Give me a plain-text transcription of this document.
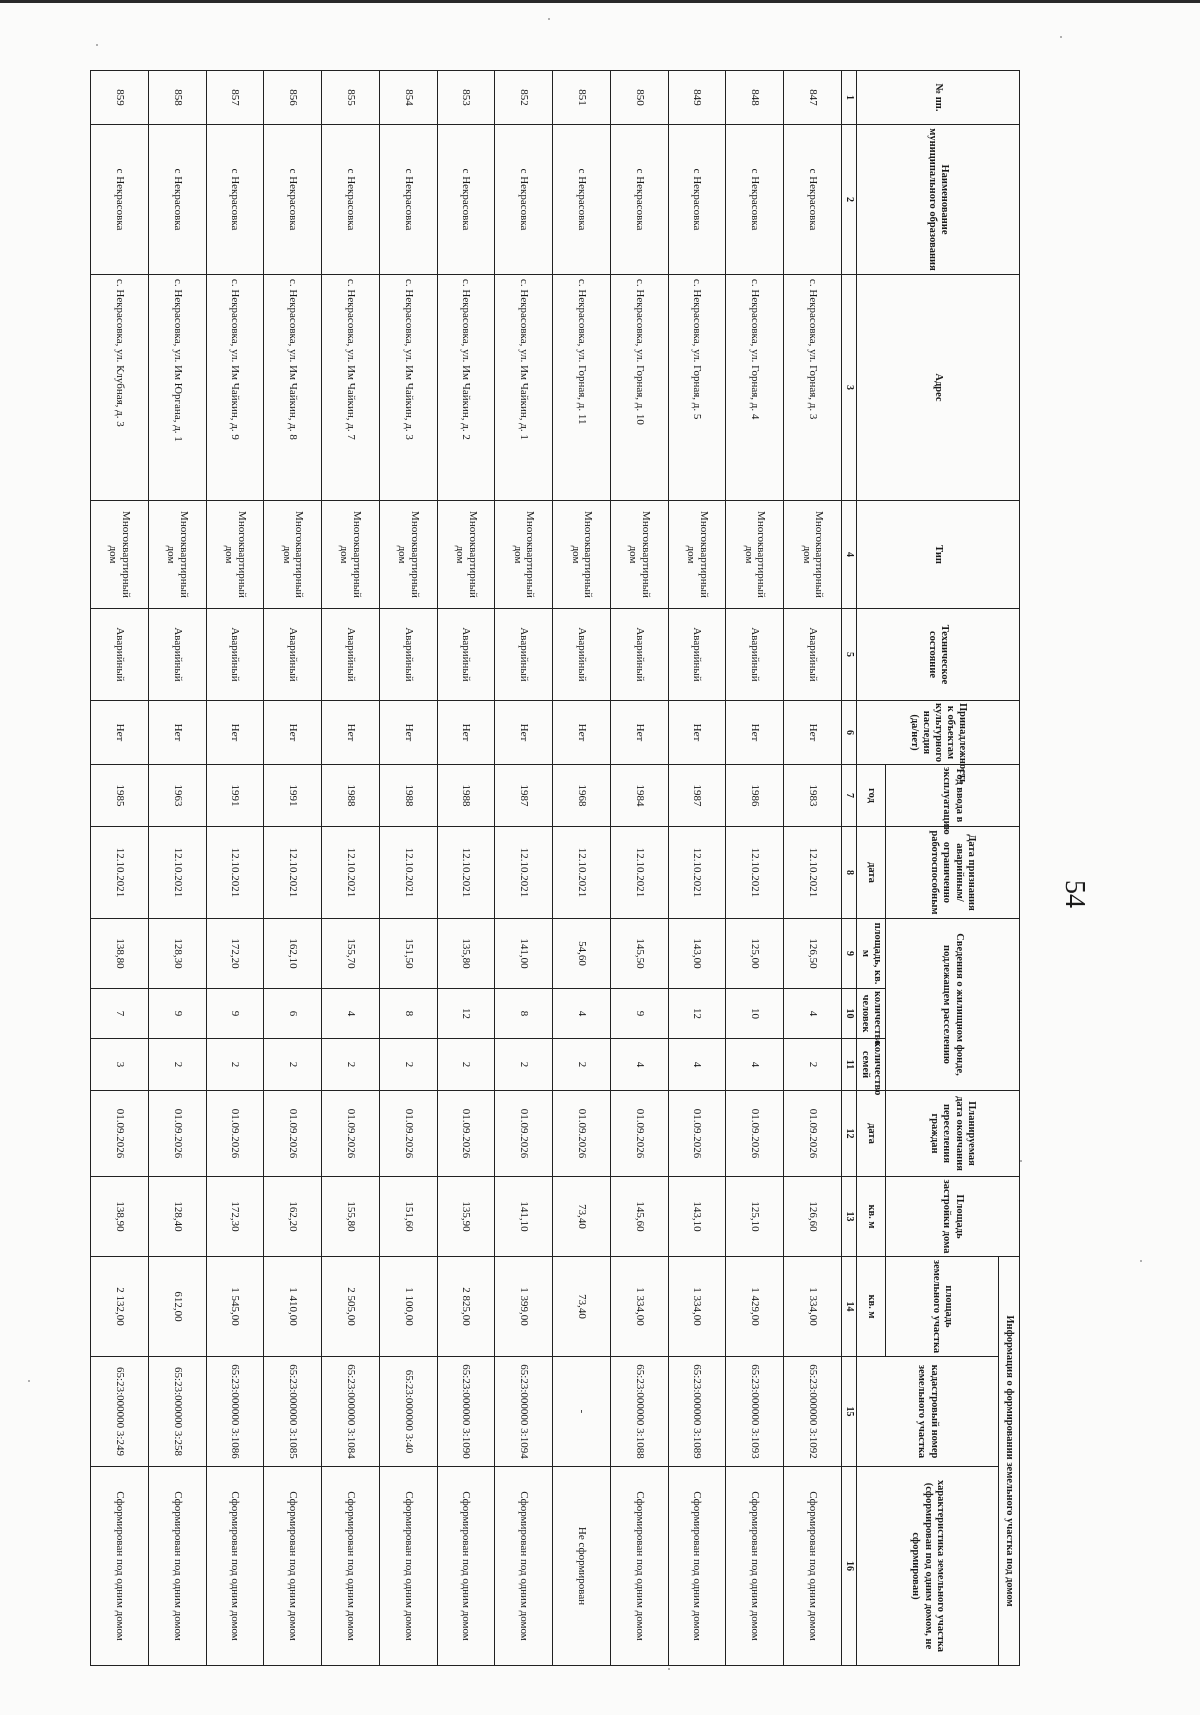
54
№ пп.	Наименование муниципального образования	Адрес	Тип	Техническое состояние	Принадлежность к объектам культурного наследия (да/нет)	Год ввода в эксплуатацию	Дата признания аварийным/ограниченно работоспособным	Сведения о жилищном фонде, подлежащем расселению			Планируемая дата окончания переселения граждан	Площадь застройки дома	Информация о формировании земельного участка под домом		
													площадь земельного участка	кадастровый номер земельного участка	характеристика земельного участка (сформирован под одним домом, не сформирован)
						год	дата	площадь, кв. м	количество человек	количество семей	дата	кв. м	кв. м		
1	2	3	4	5	6	7	8	9	10	11	12	13	14	15	16
847	с Некрасовка	с. Некрасовка, ул. Горная, д. 3	Многоквартирный дом	Аварийный	Нет	1983	12.10.2021	126,50	4	2	01.09.2026	126,60	1 334,00	65:23:000000 3:1092	Сформирован под одним домом
848	с Некрасовка	с. Некрасовка, ул. Горная, д. 4	Многоквартирный дом	Аварийный	Нет	1986	12.10.2021	125,00	10	4	01.09.2026	125,10	1 429,00	65:23:000000 3:1093	Сформирован под одним домом
849	с Некрасовка	с. Некрасовка, ул. Горная, д. 5	Многоквартирный дом	Аварийный	Нет	1987	12.10.2021	143,00	12	4	01.09.2026	143,10	1 334,00	65:23:000000 3:1089	Сформирован под одним домом
850	с Некрасовка	с. Некрасовка, ул. Горная, д. 10	Многоквартирный дом	Аварийный	Нет	1984	12.10.2021	145,50	9	4	01.09.2026	145,60	1 334,00	65:23:000000 3:1088	Сформирован под одним домом
851	с Некрасовка	с. Некрасовка, ул. Горная, д. 11	Многоквартирный дом	Аварийный	Нет	1968	12.10.2021	54,60	4	2	01.09.2026	73,40	73,40	-	Не сформирован
852	с Некрасовка	с. Некрасовка, ул. Им Чайкин, д. 1	Многоквартирный дом	Аварийный	Нет	1987	12.10.2021	141,00	8	2	01.09.2026	141,10	1 399,00	65:23:000000 3:1094	Сформирован под одним домом
853	с Некрасовка	с. Некрасовка, ул. Им Чайкин, д. 2	Многоквартирный дом	Аварийный	Нет	1988	12.10.2021	135,80	12	2	01.09.2026	135,90	2 825,00	65:23:000000 3:1090	Сформирован под одним домом
854	с Некрасовка	с. Некрасовка, ул. Им Чайкин, д. 3	Многоквартирный дом	Аварийный	Нет	1988	12.10.2021	151,50	8	2	01.09.2026	151,60	1 100,00	65:23:000000 3:40	Сформирован под одним домом
855	с Некрасовка	с. Некрасовка, ул. Им Чайкин, д. 7	Многоквартирный дом	Аварийный	Нет	1988	12.10.2021	155,70	4	2	01.09.2026	155,80	2 505,00	65:23:000000 3:1084	Сформирован под одним домом
856	с Некрасовка	с. Некрасовка, ул. Им Чайкин, д. 8	Многоквартирный дом	Аварийный	Нет	1991	12.10.2021	162,10	6	2	01.09.2026	162,20	1 410,00	65:23:000000 3:1085	Сформирован под одним домом
857	с Некрасовка	с. Некрасовка, ул. Им Чайкин, д. 9	Многоквартирный дом	Аварийный	Нет	1991	12.10.2021	172,20	9	2	01.09.2026	172,30	1 545,00	65:23:000000 3:1086	Сформирован под одним домом
858	с Некрасовка	с. Некрасовка, ул. Им Юргана, д. 1	Многоквартирный дом	Аварийный	Нет	1963	12.10.2021	128,30	9	2	01.09.2026	128,40	612,00	65:23:000000 3:258	Сформирован под одним домом
859	с Некрасовка	с. Некрасовка, ул. Клубная, д. 3	Многоквартирный дом	Аварийный	Нет	1985	12.10.2021	138,80	7	3	01.09.2026	138,90	2 132,00	65:23:000000 3:249	Сформирован под одним домом
